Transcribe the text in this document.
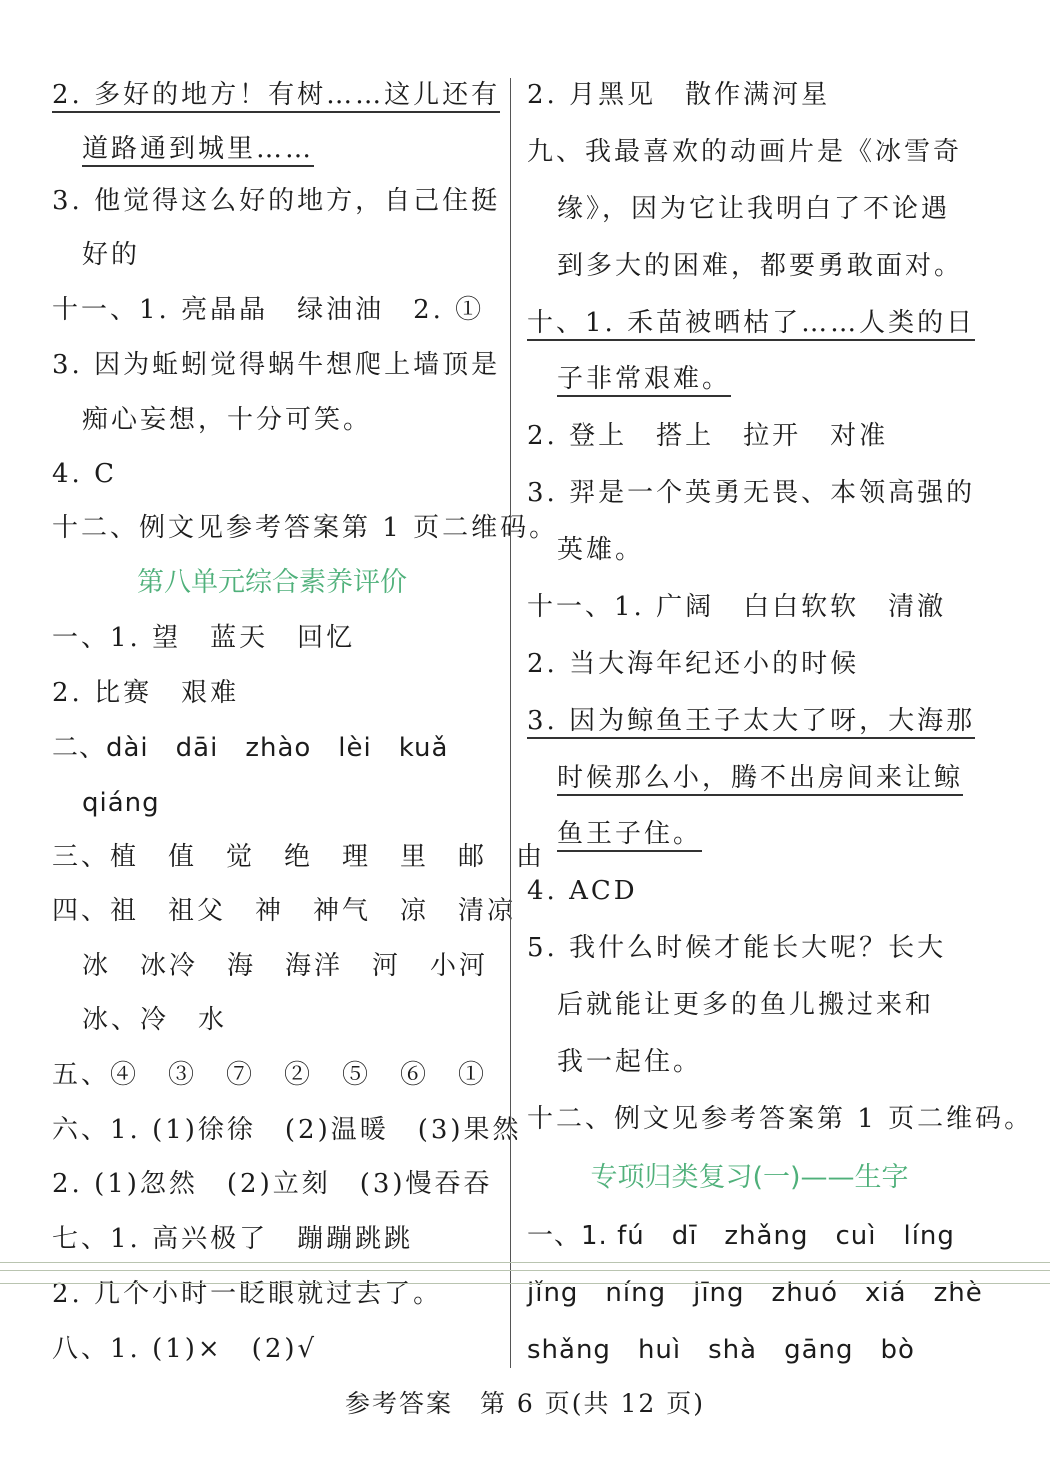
2. 多好的地方！有树……这儿还有
道路通到城里……
3. 他觉得这么好的地方，自己住挺
好的
十一、1. 亮晶晶　绿油油　2. ①
3. 因为蚯蚓觉得蜗牛想爬上墙顶是
痴心妄想，十分可笑。
4. C
十二、例文见参考答案第 1 页二维码。
第八单元综合素养评价
一、1. 望　蓝天　回忆
2. 比赛　艰难
二、dài　dāi　zhào　lèi　kuǎ
qiáng
三、植　值　觉　绝　理　里　邮　由
四、祖　祖父　神　神气　凉　清凉
冰　冰冷　海　海洋　河　小河
冰、冷　水
五、④　③　⑦　②　⑤　⑥　①
六、1. (1)徐徐　(2)温暖　(3)果然
2. (1)忽然　(2)立刻　(3)慢吞吞
七、1. 高兴极了　蹦蹦跳跳
2. 几个小时一眨眼就过去了。
八、1. (1)×　(2)√
2. 月黑见　散作满河星
九、我最喜欢的动画片是《冰雪奇
缘》，因为它让我明白了不论遇
到多大的困难，都要勇敢面对。
十、1. 禾苗被晒枯了……人类的日
子非常艰难。
2. 登上　搭上　拉开　对准
3. 羿是一个英勇无畏、本领高强的
英雄。
十一、1. 广阔　白白软软　清澈
2. 当大海年纪还小的时候
3. 因为鲸鱼王子太大了呀，大海那
时候那么小，腾不出房间来让鲸
鱼王子住。
4. ACD
5. 我什么时候才能长大呢？长大
后就能让更多的鱼儿搬过来和
我一起住。
十二、例文见参考答案第 1 页二维码。
专项归类复习(一)——生字
一、1. fú　dī　zhǎng　cuì　líng
jǐng　níng　jīng　zhuó　xiá　zhè
shǎng　huì　shà　gāng　bò
参考答案　第 6 页(共 12 页)
